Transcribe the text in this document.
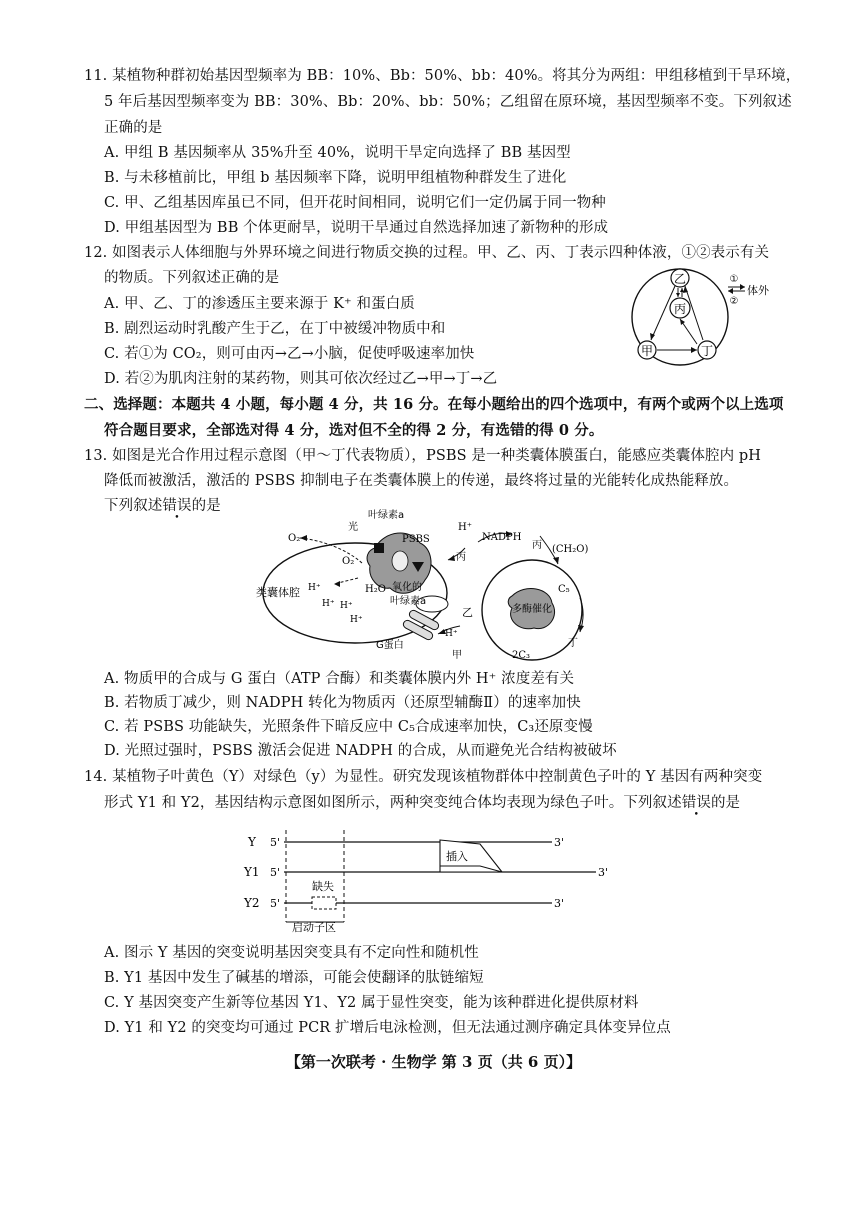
11. 某植物种群初始基因型频率为 BB：10%、Bb：50%、bb：40%。将其分为两组：甲组移植到干旱环境，
5 年后基因型频率变为 BB：30%、Bb：20%、bb：50%；乙组留在原环境，基因型频率不变。下列叙述
正确的是
A. 甲组 B 基因频率从 35%升至 40%，说明干旱定向选择了 BB 基因型
B. 与未移植前比，甲组 b 基因频率下降，说明甲组植物种群发生了进化
C. 甲、乙组基因库虽已不同，但开花时间相同，说明它们一定仍属于同一物种
D. 甲组基因型为 BB 个体更耐旱，说明干旱通过自然选择加速了新物种的形成
12. 如图表示人体细胞与外界环境之间进行物质交换的过程。甲、乙、丙、丁表示四种体液，①②表示有关
的物质。下列叙述正确的是
A. 甲、乙、丁的渗透压主要来源于 K⁺ 和蛋白质
B. 剧烈运动时乳酸产生于乙，在丁中被缓冲物质中和
C. 若①为 CO₂，则可由丙→乙→小脑，促使呼吸速率加快
D. 若②为肌肉注射的某药物，则其可依次经过乙→甲→丁→乙
乙
丙
甲	丁
①
②
体外
二、选择题：本题共 4 小题，每小题 4 分，共 16 分。在每小题给出的四个选项中，有两个或两个以上选项
符合题目要求，全部选对得 4 分，选对但不全的得 2 分，有选错的得 0 分。
13. 如图是光合作用过程示意图（甲～丁代表物质），PSBS 是一种类囊体膜蛋白，能感应类囊体腔内 pH
降低而被激活，激活的 PSBS 抑制电子在类囊体膜上的传递，最终将过量的光能转化成热能释放。
下列叙述错误的是
O₂
O₂
光
叶绿素a
PSBS
类囊体腔	H₂O 氧化的
叶绿素a
G蛋白
甲
乙
丙
丙
H⁺
NADPH
(CH₂O)
C₅
2C₃
丁
多酶催化
H⁺
H⁺ H⁺
H⁺
H⁺
A. 物质甲的合成与 G 蛋白（ATP 合酶）和类囊体膜内外 H⁺ 浓度差有关
B. 若物质丁减少，则 NADPH 转化为物质丙（还原型辅酶Ⅱ）的速率加快
C. 若 PSBS 功能缺失，光照条件下暗反应中 C₅合成速率加快，C₃还原变慢
D. 光照过强时，PSBS 激活会促进 NADPH 的合成，从而避免光合结构被破坏
14. 某植物子叶黄色（Y）对绿色（y）为显性。研究发现该植物群体中控制黄色子叶的 Y 基因有两种突变
形式 Y1 和 Y2，基因结构示意图如图所示，两种突变纯合体均表现为绿色子叶。下列叙述错误的是
Y
Y1
Y2
5'
5'
5'
3'
插入
3'
缺失
3'
启动子区
A. 图示 Y 基因的突变说明基因突变具有不定向性和随机性
B. Y1 基因中发生了碱基的增添，可能会使翻译的肽链缩短
C. Y 基因突变产生新等位基因 Y1、Y2 属于显性突变，能为该种群进化提供原材料
D. Y1 和 Y2 的突变均可通过 PCR 扩增后电泳检测，但无法通过测序确定具体变异位点
【第一次联考 · 生物学 第 3 页（共 6 页）】
